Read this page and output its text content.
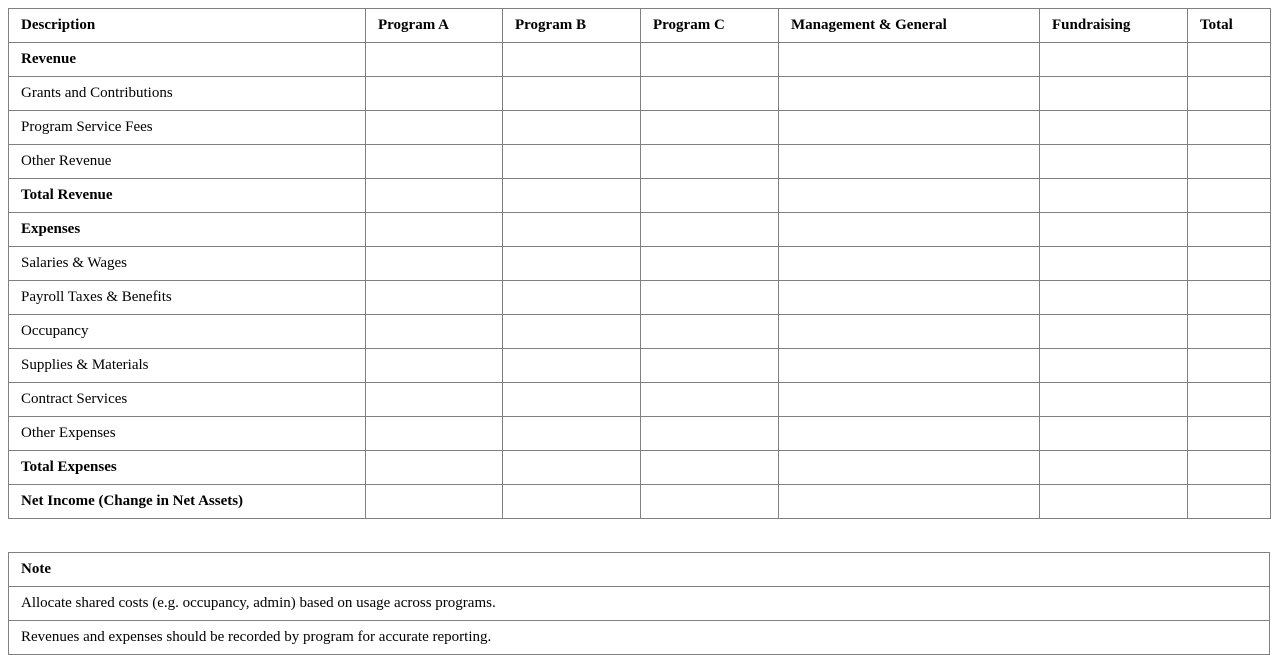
Description	Program A	Program B	Program C	Management & General	Fundraising	Total
Revenue						
Grants and Contributions						
Program Service Fees						
Other Revenue						
Total Revenue						
Expenses						
Salaries & Wages						
Payroll Taxes & Benefits						
Occupancy						
Supplies & Materials						
Contract Services						
Other Expenses						
Total Expenses						
Net Income (Change in Net Assets)						
Note
Allocate shared costs (e.g. occupancy, admin) based on usage across programs.
Revenues and expenses should be recorded by program for accurate reporting.
